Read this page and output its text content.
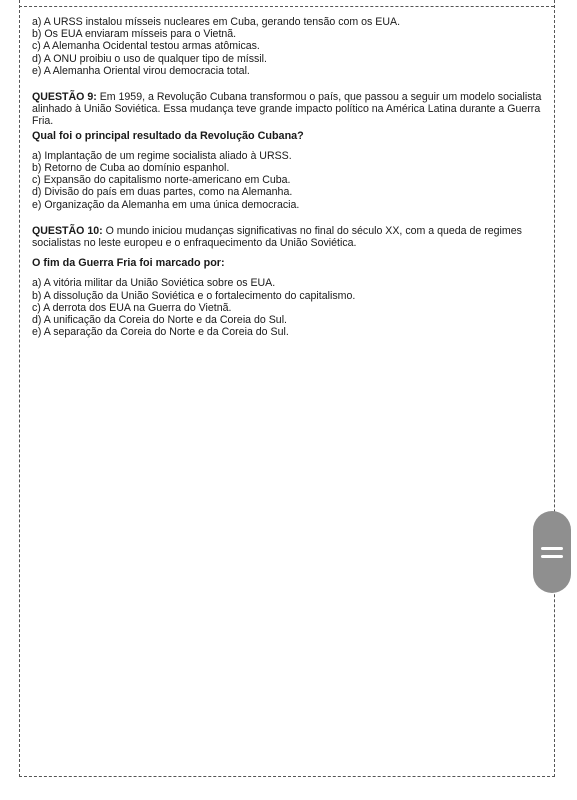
a) A URSS instalou mísseis nucleares em Cuba, gerando tensão com os EUA.

b) Os EUA enviaram mísseis para o Vietnã.

c) A Alemanha Ocidental testou armas atômicas.

d) A ONU proibiu o uso de qualquer tipo de míssil.

e) A Alemanha Oriental virou democracia total.

QUESTÃO 9: Em 1959, a Revolução Cubana transformou o país, que passou a seguir um modelo socialista alinhado à União Soviética. Essa mudança teve grande impacto político na América Latina durante a Guerra Fria.

Qual foi o principal resultado da Revolução Cubana?

a) Implantação de um regime socialista aliado à URSS.

b) Retorno de Cuba ao domínio espanhol.

c) Expansão do capitalismo norte-americano em Cuba.

d) Divisão do país em duas partes, como na Alemanha.

e) Organização da Alemanha em uma única democracia.

QUESTÃO 10: O mundo iniciou mudanças significativas no final do século XX, com a queda de regimes socialistas no leste europeu e o enfraquecimento da União Soviética.

O fim da Guerra Fria foi marcado por:

a) A vitória militar da União Soviética sobre os EUA.

b) A dissolução da União Soviética e o fortalecimento do capitalismo.

c) A derrota dos EUA na Guerra do Vietnã.

d) A unificação da Coreia do Norte e da Coreia do Sul.

e) A separação da Coreia do Norte e da Coreia do Sul.
